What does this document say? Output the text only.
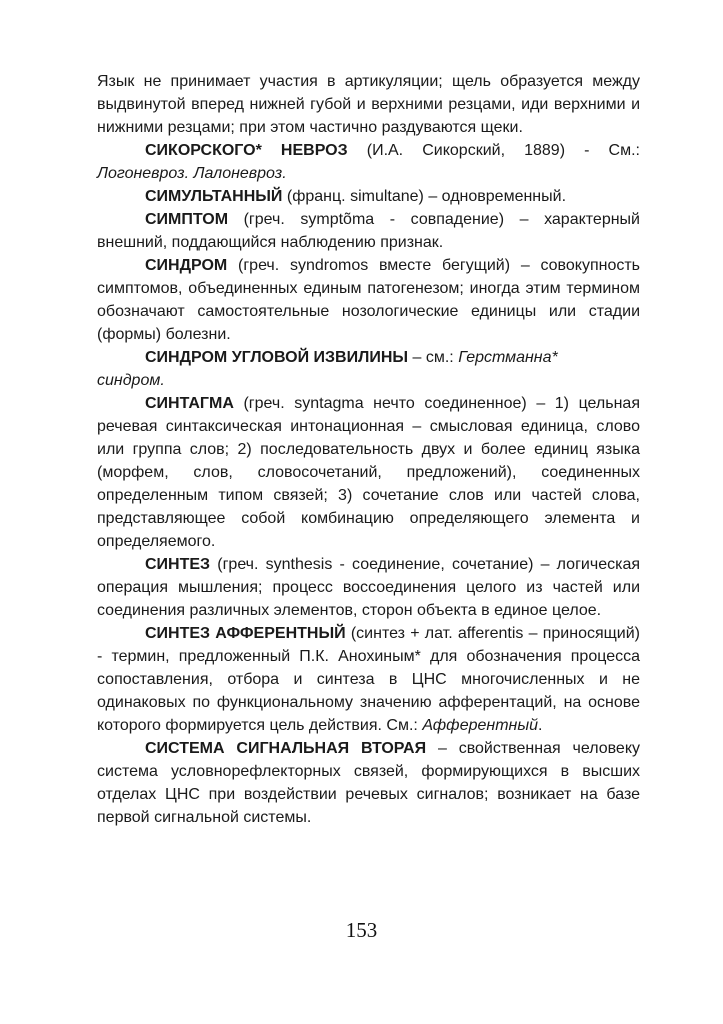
Язык не принимает участия в артикуляции; щель образуется между выдвинутой вперед нижней губой и верхними резцами, иди верхними и нижними резцами; при этом частично раздуваются щеки.

СИКОРСКОГО* НЕВРОЗ (И.А. Сикорский, 1889) - См.: Логоневроз. Лалоневроз.

СИМУЛЬТАННЫЙ (франц. simultane) – одновременный.

СИМПТОМ (греч. symptõma - совпадение) – характерный внешний, поддающийся наблюдению признак.

СИНДРОМ (греч. syndromos вместе бегущий) – совокупность симптомов, объединенных единым патогенезом; иногда этим термином обозначают самостоятельные нозологические единицы или стадии (формы) болезни.

СИНДРОМ УГЛОВОЙ ИЗВИЛИНЫ – см.: Герстманна*

синдром.

СИНТАГМА (греч. syntagma нечто соединенное) – 1) цельная речевая синтаксическая интонационная – смысловая единица, слово или группа слов; 2) последовательность двух и более единиц языка (морфем, слов, словосочетаний, предложений), соединенных определенным типом связей; 3) сочетание слов или частей слова, представляющее собой комбинацию определяющего элемента и определяемого.

СИНТЕЗ (греч. synthesis - соединение, сочетание) – логическая операция мышления; процесс воссоединения целого из частей или соединения различных элементов, сторон объекта в единое целое.

СИНТЕЗ АФФЕРЕНТНЫЙ (синтез + лат. afferentis – приносящий) - термин, предложенный П.К. Анохиным* для обозначения процесса сопоставления, отбора и синтеза в ЦНС многочисленных и не одинаковых по функциональному значению афферентаций, на основе которого формируется цель действия. См.: Афферентный.

СИСТЕМА СИГНАЛЬНАЯ ВТОРАЯ – свойственная человеку система условнорефлекторных связей, формирующихся в высших отделах ЦНС при воздействии речевых сигналов; возникает на базе первой сигнальной системы.

153
